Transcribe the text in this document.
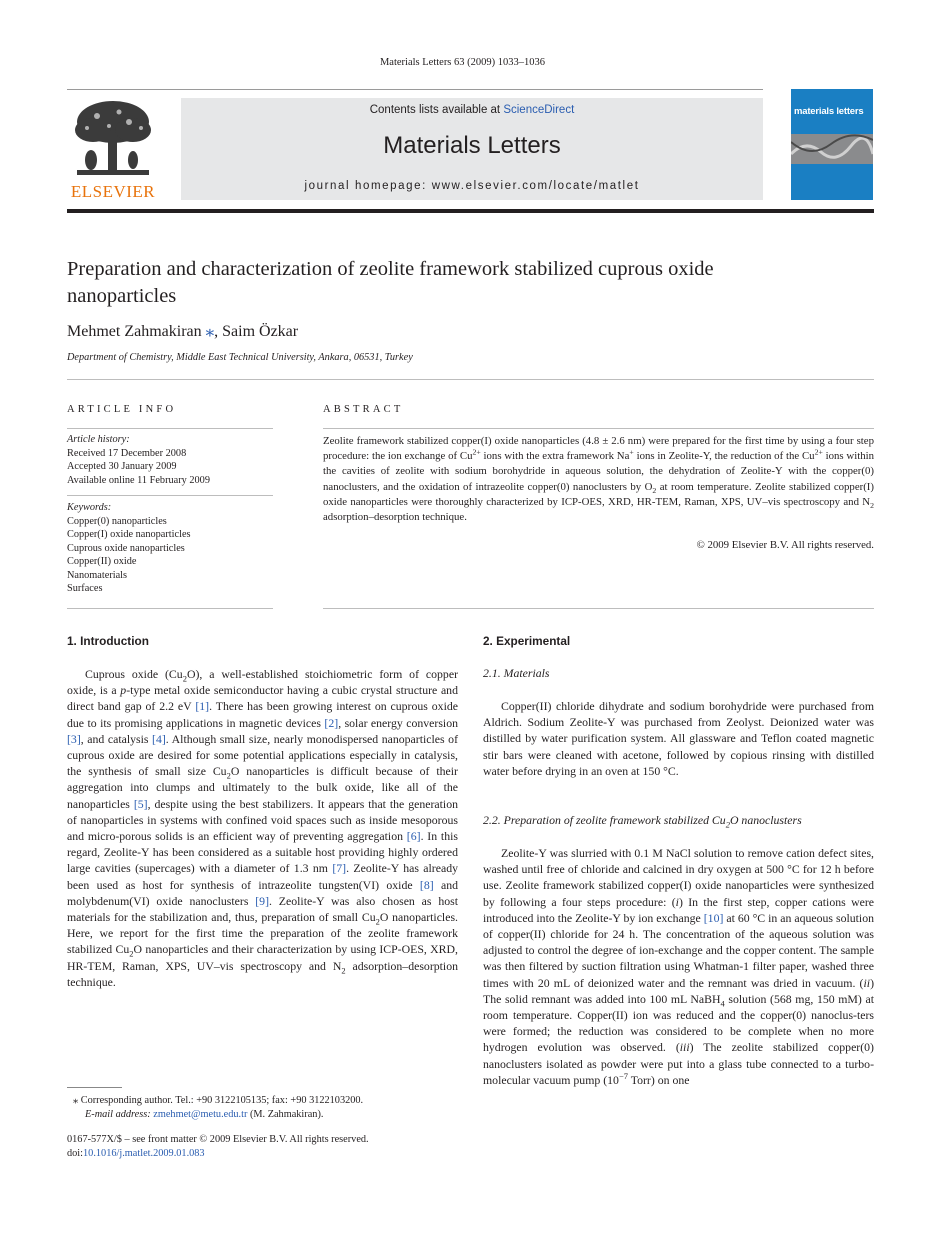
Materials Letters 63 (2009) 1033–1036
ELSEVIER
Contents lists available at ScienceDirect
Materials Letters
journal homepage: www.elsevier.com/locate/matlet
materials letters
Preparation and characterization of zeolite framework stabilized cuprous oxide nanoparticles
Mehmet Zahmakiran ⁎, Saim Özkar
Department of Chemistry, Middle East Technical University, Ankara, 06531, Turkey
ARTICLE INFO
Article history:
Received 17 December 2008
Accepted 30 January 2009
Available online 11 February 2009
Keywords:
Copper(0) nanoparticles
Copper(I) oxide nanoparticles
Cuprous oxide nanoparticles
Copper(II) oxide
Nanomaterials
Surfaces
ABSTRACT
Zeolite framework stabilized copper(I) oxide nanoparticles (4.8 ± 2.6 nm) were prepared for the first time by using a four step procedure: the ion exchange of $Cu^{2+}$ ions with the extra framework Na+ ions in Zeolite-Y, the reduction of the $Cu^{2+}$ ions within the cavities of zeolite with sodium borohydride in aqueous solution, the dehydration of Zeolite-Y with the copper(0) nanoclusters, and the oxidation of intrazeolite copper(0) nanoclusters by $O_2$ at room temperature. Zeolite stabilized copper(I) oxide nanoparticles were thoroughly characterized by ICP-OES, XRD, HR-TEM, Raman, XPS, UV–vis spectroscopy and $N_2$ adsorption–desorption technique.
© 2009 Elsevier B.V. All rights reserved.
1. Introduction

Cuprous oxide $(Cu_2O)$, a well-established stoichiometric form of copper oxide, is a p-type metal oxide semiconductor having a cubic crystal structure and direct band gap of 2.2 eV [1]. There has been growing interest on cuprous oxide due to its promising applications in magnetic devices [2], solar energy conversion [3], and catalysis [4]. Although small size, nearly monodispersed nanoparticles of cuprous oxide are desired for some potential applications especially in catalysis, the synthesis of small size $Cu_2O$ nanoparticles is difficult because of their aggregation into clumps and ultimately to the bulk oxide, like all of the nanoparticles [5], despite using the best stabilizers. It appears that the generation of nanoparticles in systems with confined void spaces such as inside mesoporous and micro-porous solids is an efficient way of preventing aggregation [6]. In this regard, Zeolite-Y has been considered as a suitable host providing highly ordered large cavities (supercages) with a diameter of 1.3 nm [7]. Zeolite-Y has already been used as host for synthesis of intrazeolite tungsten(VI) oxide [8] and molybdenum(VI) oxide nanoclusters [9]. Zeolite-Y was also chosen as host materials for the stabilization and, thus, preparation of small $Cu_2O$ nanoparticles. Here, we report for the first time the preparation of the zeolite framework stabilized $Cu_2O$ nanoparticles and their characterization by using ICP-OES, XRD, HR-TEM, Raman, XPS, UV–vis spectroscopy and $N_2$ adsorption–desorption technique.

⁎ Corresponding author. Tel.: +90 3122105135; fax: +90 3122103200.
E-mail address: zmehmet@metu.edu.tr (M. Zahmakiran).
0167-577X/$ – see front matter © 2009 Elsevier B.V. All rights reserved.
doi:10.1016/j.matlet.2009.01.083
2. Experimental
2.1. Materials

Copper(II) chloride dihydrate and sodium borohydride were purchased from Aldrich. Sodium Zeolite-Y was purchased from Zeolyst. Deionized water was distilled by water purification system. All glassware and Teflon coated magnetic stir bars were cleaned with acetone, followed by copious rinsing with distilled water before drying in an oven at 150 °C.

2.2. Preparation of zeolite framework stabilized $Cu_2O$ nanoclusters

Zeolite-Y was slurried with 0.1 M NaCl solution to remove cation defect sites, washed until free of chloride and calcined in dry oxygen at 500 °C for 12 h before use. Zeolite framework stabilized copper(I) oxide nanoparticles were synthesized by following a four steps procedure: (i) In the first step, copper cations were introduced into the Zeolite-Y by ion exchange [10] at 60 °C in an aqueous solution of copper(II) chloride for 24 h. The concentration of the aqueous solution was adjusted to control the degree of ion-exchange and the copper content. The sample was then filtered by suction filtration using Whatman-1 filter paper, washed three times with 20 mL of deionized water and the remnant was dried in vacuum. (ii) The solid remnant was added into 100 mL NaBH$_4$ solution (568 mg, 150 mM) at room temperature. Copper(II) ion was reduced and the copper(0) nanoclus-ters were formed; the reduction was considered to be complete when no more hydrogen evolution was observed. (iii) The zeolite stabilized copper(0) nanoclusters isolated as powder were put into a glass tube connected to a turbo-molecular vacuum pump ($10^{-7}$ Torr) on one
